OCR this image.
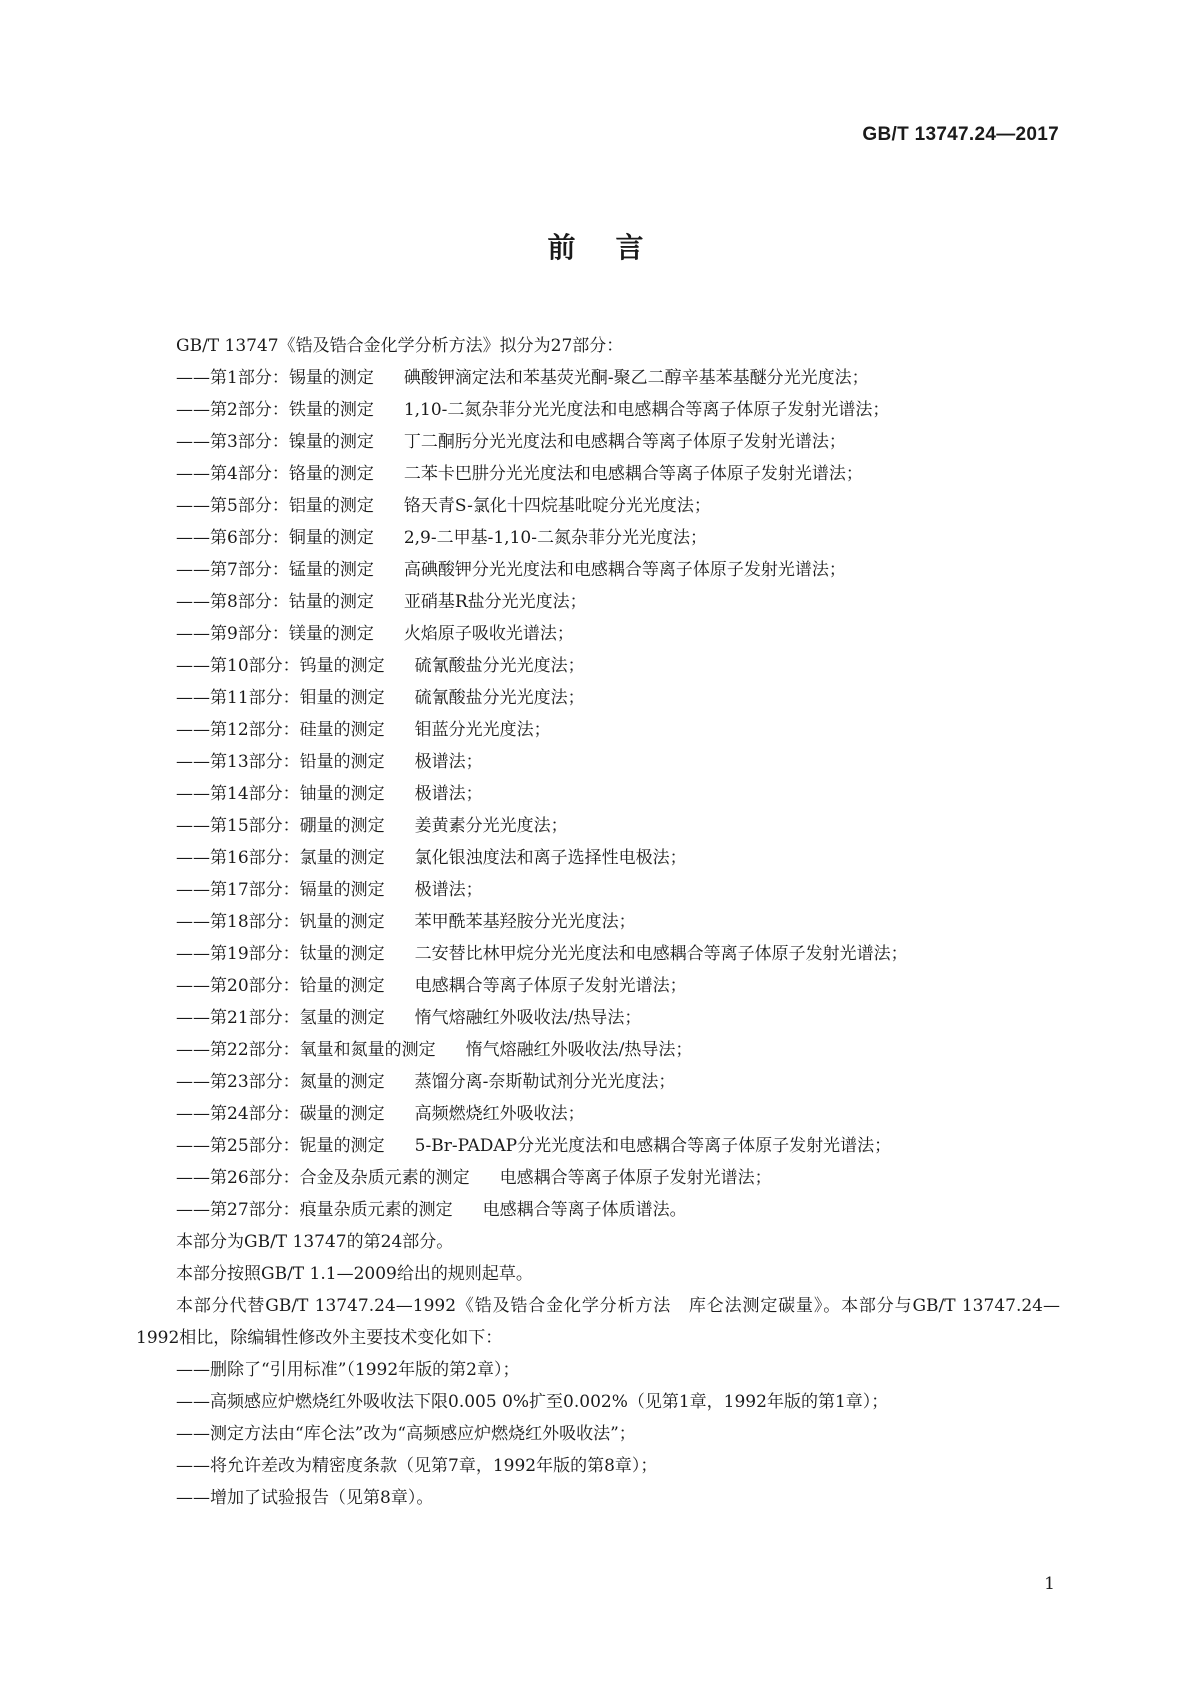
GB/T 13747.24—2017
前言
GB/T 13747《锆及锆合金化学分析方法》拟分为27部分：
——第1部分：锡量的测定 碘酸钾滴定法和苯基荧光酮-聚乙二醇辛基苯基醚分光光度法；
——第2部分：铁量的测定 1,10-二氮杂菲分光光度法和电感耦合等离子体原子发射光谱法；
——第3部分：镍量的测定 丁二酮肟分光光度法和电感耦合等离子体原子发射光谱法；
——第4部分：铬量的测定 二苯卡巴肼分光光度法和电感耦合等离子体原子发射光谱法；
——第5部分：铝量的测定 铬天青S-氯化十四烷基吡啶分光光度法；
——第6部分：铜量的测定 2,9-二甲基-1,10-二氮杂菲分光光度法；
——第7部分：锰量的测定 高碘酸钾分光光度法和电感耦合等离子体原子发射光谱法；
——第8部分：钴量的测定 亚硝基R盐分光光度法；
——第9部分：镁量的测定 火焰原子吸收光谱法；
——第10部分：钨量的测定 硫氰酸盐分光光度法；
——第11部分：钼量的测定 硫氰酸盐分光光度法；
——第12部分：硅量的测定 钼蓝分光光度法；
——第13部分：铅量的测定 极谱法；
——第14部分：铀量的测定 极谱法；
——第15部分：硼量的测定 姜黄素分光光度法；
——第16部分：氯量的测定 氯化银浊度法和离子选择性电极法；
——第17部分：镉量的测定 极谱法；
——第18部分：钒量的测定 苯甲酰苯基羟胺分光光度法；
——第19部分：钛量的测定 二安替比林甲烷分光光度法和电感耦合等离子体原子发射光谱法；
——第20部分：铪量的测定 电感耦合等离子体原子发射光谱法；
——第21部分：氢量的测定 惰气熔融红外吸收法/热导法；
——第22部分：氧量和氮量的测定 惰气熔融红外吸收法/热导法；
——第23部分：氮量的测定 蒸馏分离-奈斯勒试剂分光光度法；
——第24部分：碳量的测定 高频燃烧红外吸收法；
——第25部分：铌量的测定 5-Br-PADAP分光光度法和电感耦合等离子体原子发射光谱法；
——第26部分：合金及杂质元素的测定 电感耦合等离子体原子发射光谱法；
——第27部分：痕量杂质元素的测定 电感耦合等离子体质谱法。

本部分为GB/T 13747的第24部分。

本部分按照GB/T 1.1—2009给出的规则起草。

本部分代替GB/T 13747.24—1992《锆及锆合金化学分析方法　库仑法测定碳量》。本部分与GB/T 13747.24—1992相比，除编辑性修改外主要技术变化如下：

——删除了“引用标准”（1992年版的第2章）；
——高频感应炉燃烧红外吸收法下限0.005 0%扩至0.002%（见第1章，1992年版的第1章）；
——测定方法由“库仑法”改为“高频感应炉燃烧红外吸收法”；
——将允许差改为精密度条款（见第7章，1992年版的第8章）；
——增加了试验报告（见第8章）。
1
